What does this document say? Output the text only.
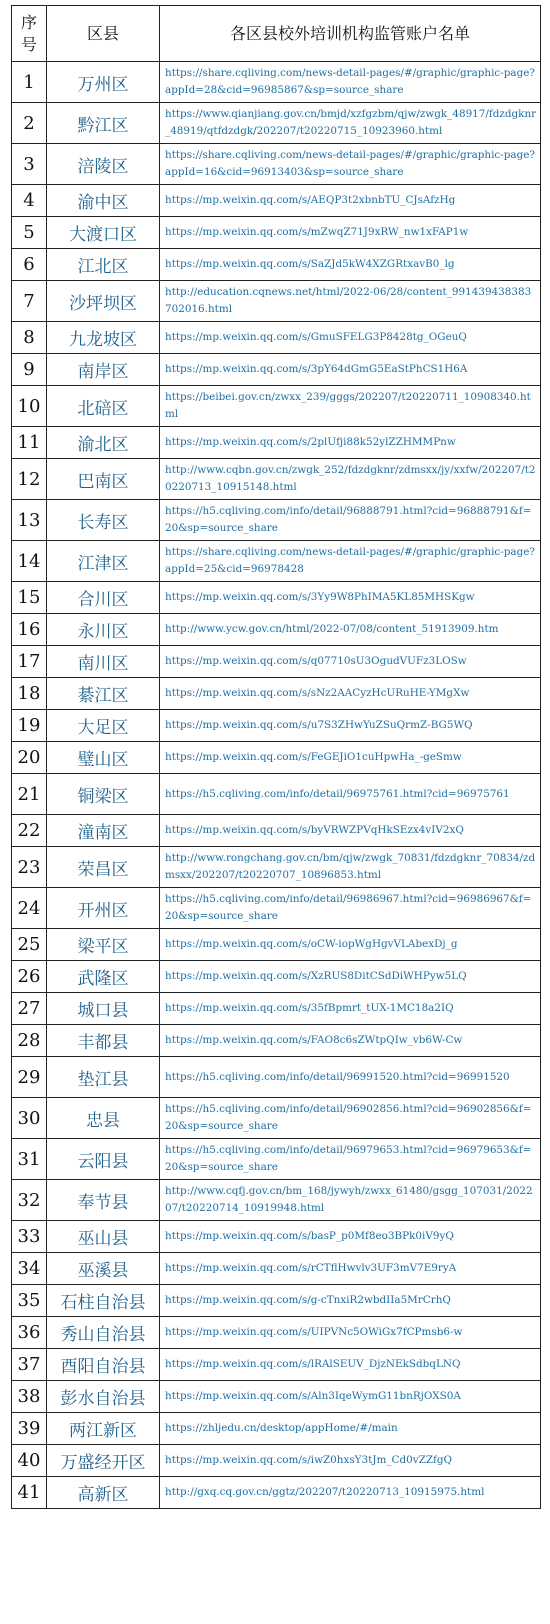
序号	区县	各区县校外培训机构监管账户名单
1	万州区	https://share.cqliving.com/news-detail-pages/#/graphic/graphic-page?appId=28&cid=96985867&sp=source_share
2	黔江区	https://www.qianjiang.gov.cn/bmjd/xzfgzbm/qjw/zwgk_48917/fdzdgknr_48919/qtfdzdgk/202207/t20220715_10923960.html
3	涪陵区	https://share.cqliving.com/news-detail-pages/#/graphic/graphic-page?appId=16&cid=96913403&sp=source_share
4	渝中区	https://mp.weixin.qq.com/s/AEQP3t2xbnbTU_CJsAfzHg
5	大渡口区	https://mp.weixin.qq.com/s/mZwqZ71J9xRW_nw1xFAP1w
6	江北区	https://mp.weixin.qq.com/s/SaZJd5kW4XZGRtxavB0_lg
7	沙坪坝区	http://education.cqnews.net/html/2022-06/28/content_991439438383702016.html
8	九龙坡区	https://mp.weixin.qq.com/s/GmuSFELG3P8428tg_OGeuQ
9	南岸区	https://mp.weixin.qq.com/s/3pY64dGmG5EaStPhCS1H6A
10	北碚区	https://beibei.gov.cn/zwxx_239/gggs/202207/t20220711_10908340.html
11	渝北区	https://mp.weixin.qq.com/s/2plUfji88k52ylZZHMMPnw
12	巴南区	http://www.cqbn.gov.cn/zwgk_252/fdzdgknr/zdmsxx/jy/xxfw/202207/t20220713_10915148.html
13	长寿区	https://h5.cqliving.com/info/detail/96888791.html?cid=96888791&f=20&sp=source_share
14	江津区	https://share.cqliving.com/news-detail-pages/#/graphic/graphic-page?appId=25&cid=96978428
15	合川区	https://mp.weixin.qq.com/s/3Yy9W8PhIMA5KL85MHSKgw
16	永川区	http://www.ycw.gov.cn/html/2022-07/08/content_51913909.htm
17	南川区	https://mp.weixin.qq.com/s/q07710sU3OgudVUFz3LOSw
18	綦江区	https://mp.weixin.qq.com/s/sNz2AACyzHcURuHE-YMgXw
19	大足区	https://mp.weixin.qq.com/s/u7S3ZHwYuZSuQrmZ-BG5WQ
20	璧山区	https://mp.weixin.qq.com/s/FeGEJiO1cuHpwHa_-geSmw
21	铜梁区	https://h5.cqliving.com/info/detail/96975761.html?cid=96975761
22	潼南区	https://mp.weixin.qq.com/s/byVRWZPVqHkSEzx4vIV2xQ
23	荣昌区	http://www.rongchang.gov.cn/bm/qjw/zwgk_70831/fdzdgknr_70834/zdmsxx/202207/t20220707_10896853.html
24	开州区	https://h5.cqliving.com/info/detail/96986967.html?cid=96986967&f=20&sp=source_share
25	梁平区	https://mp.weixin.qq.com/s/oCW-iopWgHgvVLAbexDj_g
26	武隆区	https://mp.weixin.qq.com/s/XzRUS8DitCSdDiWHPyw5LQ
27	城口县	https://mp.weixin.qq.com/s/35fBpmrt_tUX-1MC18a2IQ
28	丰都县	https://mp.weixin.qq.com/s/FAO8c6sZWtpQIw_vb6W-Cw
29	垫江县	https://h5.cqliving.com/info/detail/96991520.html?cid=96991520
30	忠县	https://h5.cqliving.com/info/detail/96902856.html?cid=96902856&f=20&sp=source_share
31	云阳县	https://h5.cqliving.com/info/detail/96979653.html?cid=96979653&f=20&sp=source_share
32	奉节县	http://www.cqfj.gov.cn/bm_168/jywyh/zwxx_61480/gsgg_107031/202207/t20220714_10919948.html
33	巫山县	https://mp.weixin.qq.com/s/basP_p0Mf8eo3BPk0iV9yQ
34	巫溪县	https://mp.weixin.qq.com/s/rCTflHwvlv3UF3mV7E9ryA
35	石柱自治县	https://mp.weixin.qq.com/s/g-cTnxiR2wbdIIa5MrCrhQ
36	秀山自治县	https://mp.weixin.qq.com/s/UIPVNc5OWiGx7fCPmsb6-w
37	酉阳自治县	https://mp.weixin.qq.com/s/lRAlSEUV_DjzNEkSdbqLNQ
38	彭水自治县	https://mp.weixin.qq.com/s/Aln3IqeWymG11bnRjOXS0A
39	两江新区	https://zhljedu.cn/desktop/appHome/#/main
40	万盛经开区	https://mp.weixin.qq.com/s/iwZ0hxsY3tJm_Cd0vZZfgQ
41	高新区	http://gxq.cq.gov.cn/ggtz/202207/t20220713_10915975.html
